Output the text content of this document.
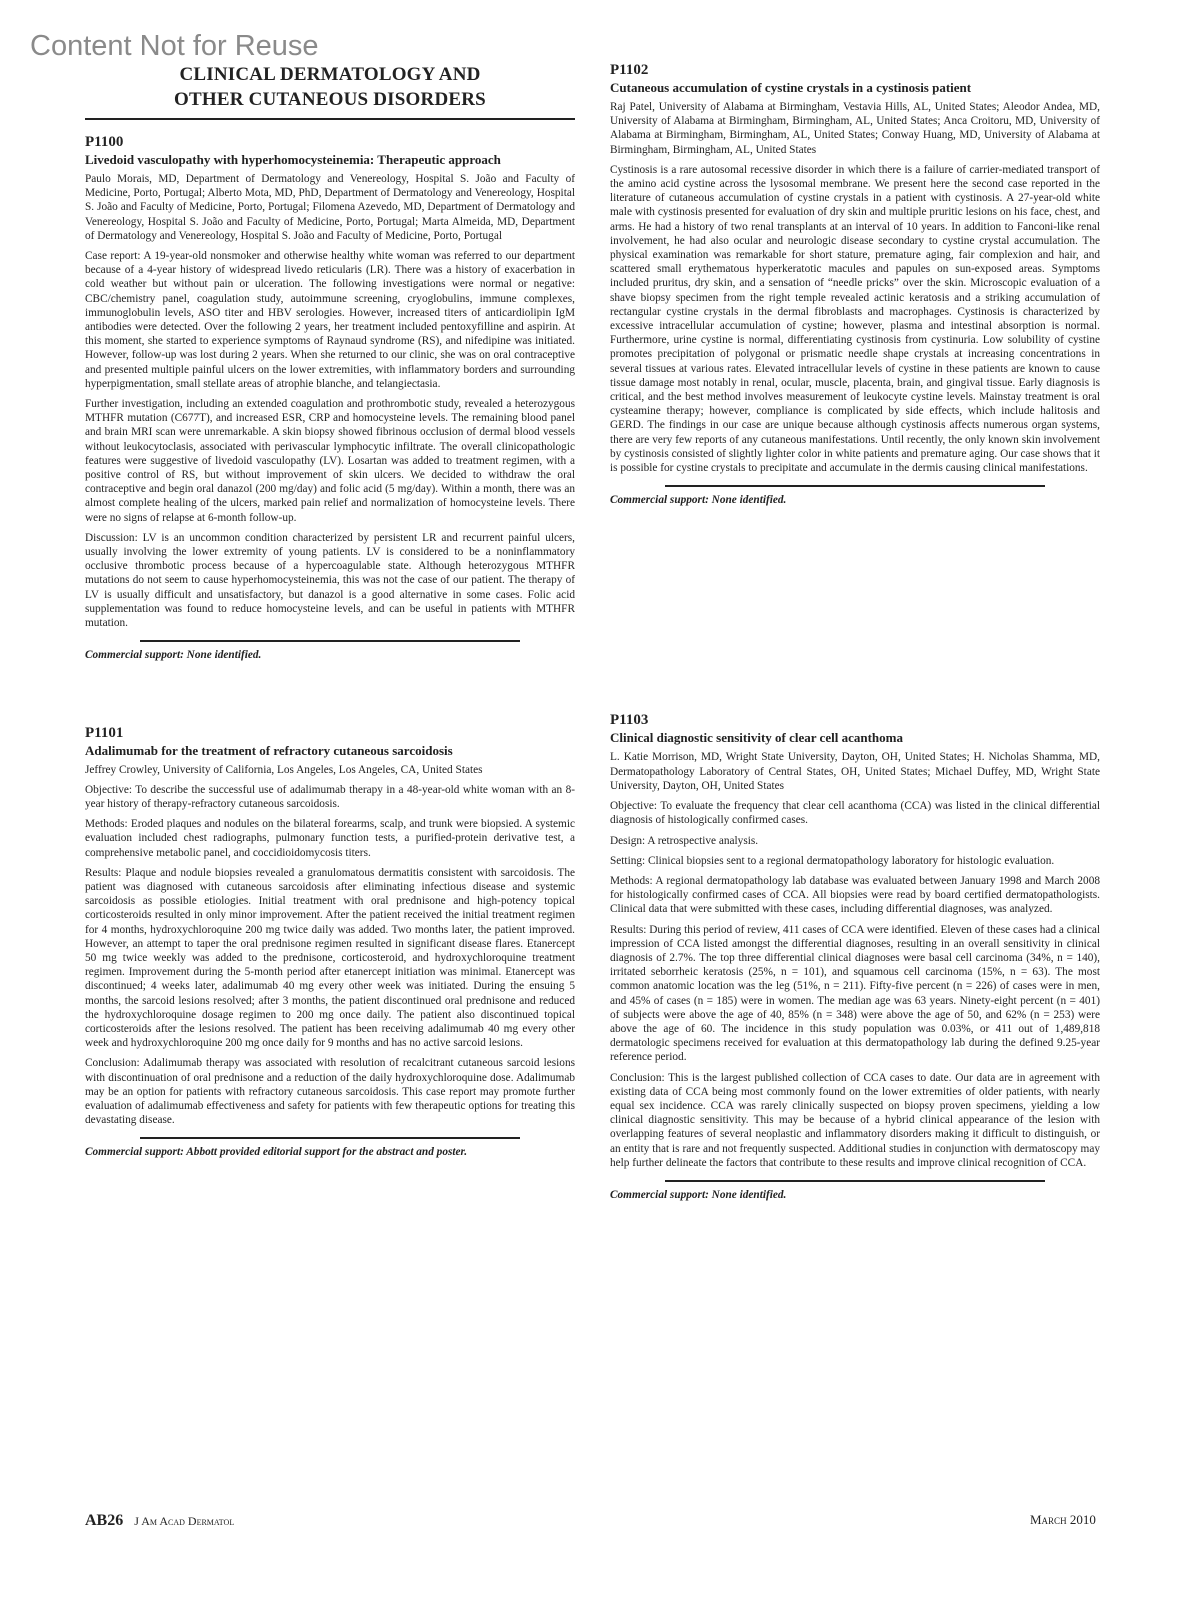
Content Not for Reuse
CLINICAL DERMATOLOGY AND OTHER CUTANEOUS DISORDERS
P1100
Livedoid vasculopathy with hyperhomocysteinemia: Therapeutic approach
Paulo Morais, MD, Department of Dermatology and Venereology, Hospital S. João and Faculty of Medicine, Porto, Portugal; Alberto Mota, MD, PhD, Department of Dermatology and Venereology, Hospital S. João and Faculty of Medicine, Porto, Portugal; Filomena Azevedo, MD, Department of Dermatology and Venereology, Hospital S. João and Faculty of Medicine, Porto, Portugal; Marta Almeida, MD, Department of Dermatology and Venereology, Hospital S. João and Faculty of Medicine, Porto, Portugal

Case report: A 19-year-old nonsmoker and otherwise healthy white woman was referred to our department because of a 4-year history of widespread livedo reticularis (LR). There was a history of exacerbation in cold weather but without pain or ulceration. The following investigations were normal or negative: CBC/chemistry panel, coagulation study, autoimmune screening, cryoglobulins, immune complexes, immunoglobulin levels, ASO titer and HBV serologies. However, increased titers of anticardiolipin IgM antibodies were detected. Over the following 2 years, her treatment included pentoxyfilline and aspirin. At this moment, she started to experience symptoms of Raynaud syndrome (RS), and nifedipine was initiated. However, follow-up was lost during 2 years. When she returned to our clinic, she was on oral contraceptive and presented multiple painful ulcers on the lower extremities, with inflammatory borders and surrounding hyperpigmentation, small stellate areas of atrophie blanche, and telangiectasia.

Further investigation, including an extended coagulation and prothrombotic study, revealed a heterozygous MTHFR mutation (C677T), and increased ESR, CRP and homocysteine levels. The remaining blood panel and brain MRI scan were unremarkable. A skin biopsy showed fibrinous occlusion of dermal blood vessels without leukocytoclasis, associated with perivascular lymphocytic infiltrate. The overall clinicopathologic features were suggestive of livedoid vasculopathy (LV). Losartan was added to treatment regimen, with a positive control of RS, but without improvement of skin ulcers. We decided to withdraw the oral contraceptive and begin oral danazol (200 mg/day) and folic acid (5 mg/day). Within a month, there was an almost complete healing of the ulcers, marked pain relief and normalization of homocysteine levels. There were no signs of relapse at 6-month follow-up.

Discussion: LV is an uncommon condition characterized by persistent LR and recurrent painful ulcers, usually involving the lower extremity of young patients. LV is considered to be a noninflammatory occlusive thrombotic process because of a hypercoagulable state. Although heterozygous MTHFR mutations do not seem to cause hyperhomocysteinemia, this was not the case of our patient. The therapy of LV is usually difficult and unsatisfactory, but danazol is a good alternative in some cases. Folic acid supplementation was found to reduce homocysteine levels, and can be useful in patients with MTHFR mutation.

Commercial support: None identified.

P1101
Adalimumab for the treatment of refractory cutaneous sarcoidosis
Jeffrey Crowley, University of California, Los Angeles, Los Angeles, CA, United States

Objective: To describe the successful use of adalimumab therapy in a 48-year-old white woman with an 8-year history of therapy-refractory cutaneous sarcoidosis.

Methods: Eroded plaques and nodules on the bilateral forearms, scalp, and trunk were biopsied. A systemic evaluation included chest radiographs, pulmonary function tests, a purified-protein derivative test, a comprehensive metabolic panel, and coccidioidomycosis titers.

Results: Plaque and nodule biopsies revealed a granulomatous dermatitis consistent with sarcoidosis. The patient was diagnosed with cutaneous sarcoidosis after eliminating infectious disease and systemic sarcoidosis as possible etiologies. Initial treatment with oral prednisone and high-potency topical corticosteroids resulted in only minor improvement. After the patient received the initial treatment regimen for 4 months, hydroxychloroquine 200 mg twice daily was added. Two months later, the patient improved. However, an attempt to taper the oral prednisone regimen resulted in significant disease flares. Etanercept 50 mg twice weekly was added to the prednisone, corticosteroid, and hydroxychloroquine treatment regimen. Improvement during the 5-month period after etanercept initiation was minimal. Etanercept was discontinued; 4 weeks later, adalimumab 40 mg every other week was initiated. During the ensuing 5 months, the sarcoid lesions resolved; after 3 months, the patient discontinued oral prednisone and reduced the hydroxychloroquine dosage regimen to 200 mg once daily. The patient also discontinued topical corticosteroids after the lesions resolved. The patient has been receiving adalimumab 40 mg every other week and hydroxychloroquine 200 mg once daily for 9 months and has no active sarcoid lesions.

Conclusion: Adalimumab therapy was associated with resolution of recalcitrant cutaneous sarcoid lesions with discontinuation of oral prednisone and a reduction of the daily hydroxychloroquine dose. Adalimumab may be an option for patients with refractory cutaneous sarcoidosis. This case report may promote further evaluation of adalimumab effectiveness and safety for patients with few therapeutic options for treating this devastating disease.

Commercial support: Abbott provided editorial support for the abstract and poster.

P1102
Cutaneous accumulation of cystine crystals in a cystinosis patient
Raj Patel, University of Alabama at Birmingham, Vestavia Hills, AL, United States; Aleodor Andea, MD, University of Alabama at Birmingham, Birmingham, AL, United States; Anca Croitoru, MD, University of Alabama at Birmingham, Birmingham, AL, United States; Conway Huang, MD, University of Alabama at Birmingham, Birmingham, AL, United States

Cystinosis is a rare autosomal recessive disorder in which there is a failure of carrier-mediated transport of the amino acid cystine across the lysosomal membrane. We present here the second case reported in the literature of cutaneous accumulation of cystine crystals in a patient with cystinosis. A 27-year-old white male with cystinosis presented for evaluation of dry skin and multiple pruritic lesions on his face, chest, and arms. He had a history of two renal transplants at an interval of 10 years. In addition to Fanconi-like renal involvement, he had also ocular and neurologic disease secondary to cystine crystal accumulation. The physical examination was remarkable for short stature, premature aging, fair complexion and hair, and scattered small erythematous hyperkeratotic macules and papules on sun-exposed areas. Symptoms included pruritus, dry skin, and a sensation of “needle pricks” over the skin. Microscopic evaluation of a shave biopsy specimen from the right temple revealed actinic keratosis and a striking accumulation of rectangular cystine crystals in the dermal fibroblasts and macrophages. Cystinosis is characterized by excessive intracellular accumulation of cystine; however, plasma and intestinal absorption is normal. Furthermore, urine cystine is normal, differentiating cystinosis from cystinuria. Low solubility of cystine promotes precipitation of polygonal or prismatic needle shape crystals at increasing concentrations in several tissues at various rates. Elevated intracellular levels of cystine in these patients are known to cause tissue damage most notably in renal, ocular, muscle, placenta, brain, and gingival tissue. Early diagnosis is critical, and the best method involves measurement of leukocyte cystine levels. Mainstay treatment is oral cysteamine therapy; however, compliance is complicated by side effects, which include halitosis and GERD. The findings in our case are unique because although cystinosis affects numerous organ systems, there are very few reports of any cutaneous manifestations. Until recently, the only known skin involvement by cystinosis consisted of slightly lighter color in white patients and premature aging. Our case shows that it is possible for cystine crystals to precipitate and accumulate in the dermis causing clinical manifestations.

Commercial support: None identified.

P1103
Clinical diagnostic sensitivity of clear cell acanthoma
L. Katie Morrison, MD, Wright State University, Dayton, OH, United States; H. Nicholas Shamma, MD, Dermatopathology Laboratory of Central States, OH, United States; Michael Duffey, MD, Wright State University, Dayton, OH, United States

Objective: To evaluate the frequency that clear cell acanthoma (CCA) was listed in the clinical differential diagnosis of histologically confirmed cases.

Design: A retrospective analysis.

Setting: Clinical biopsies sent to a regional dermatopathology laboratory for histologic evaluation.

Methods: A regional dermatopathology lab database was evaluated between January 1998 and March 2008 for histologically confirmed cases of CCA. All biopsies were read by board certified dermatopathologists. Clinical data that were submitted with these cases, including differential diagnoses, was analyzed.

Results: During this period of review, 411 cases of CCA were identified. Eleven of these cases had a clinical impression of CCA listed amongst the differential diagnoses, resulting in an overall sensitivity in clinical diagnosis of 2.7%. The top three differential clinical diagnoses were basal cell carcinoma (34%, n = 140), irritated seborrheic keratosis (25%, n = 101), and squamous cell carcinoma (15%, n = 63). The most common anatomic location was the leg (51%, n = 211). Fifty-five percent (n = 226) of cases were in men, and 45% of cases (n = 185) were in women. The median age was 63 years. Ninety-eight percent (n = 401) of subjects were above the age of 40, 85% (n = 348) were above the age of 50, and 62% (n = 253) were above the age of 60. The incidence in this study population was 0.03%, or 411 out of 1,489,818 dermatologic specimens received for evaluation at this dermatopathology lab during the defined 9.25-year reference period.

Conclusion: This is the largest published collection of CCA cases to date. Our data are in agreement with existing data of CCA being most commonly found on the lower extremities of older patients, with nearly equal sex incidence. CCA was rarely clinically suspected on biopsy proven specimens, yielding a low clinical diagnostic sensitivity. This may be because of a hybrid clinical appearance of the lesion with overlapping features of several neoplastic and inflammatory disorders making it difficult to distinguish, or an entity that is rare and not frequently suspected. Additional studies in conjunction with dermatoscopy may help further delineate the factors that contribute to these results and improve clinical recognition of CCA.

Commercial support: None identified.

AB26 J Am Acad Dermatol	March 2010
